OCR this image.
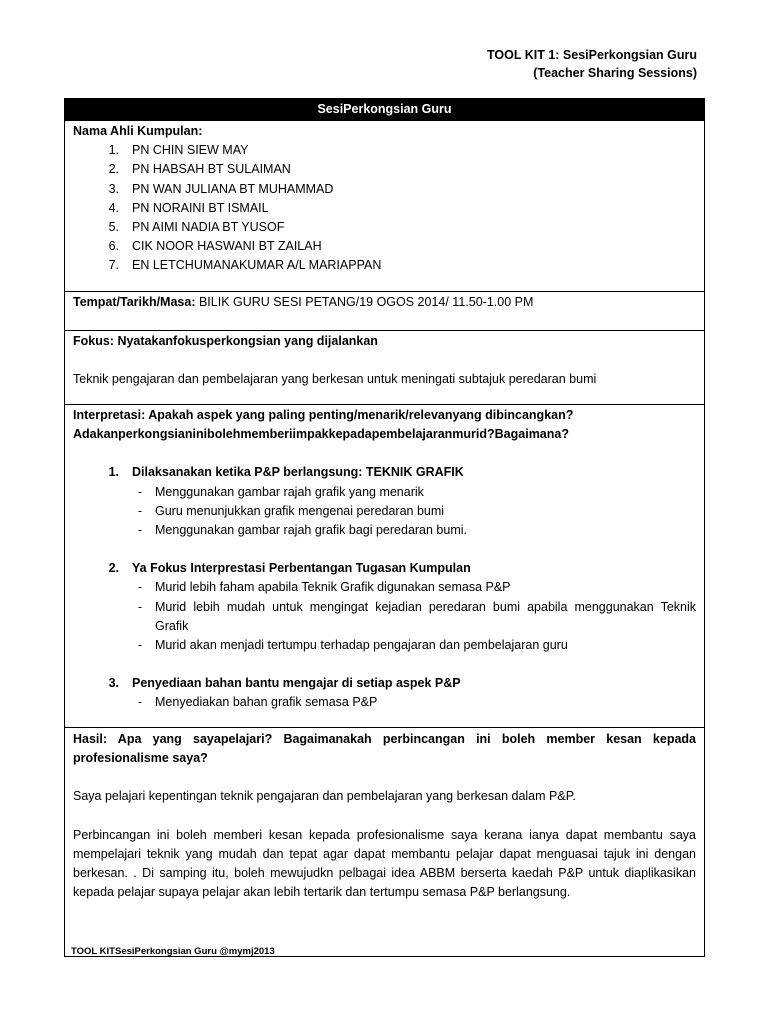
TOOL KIT 1: SesiPerkongsian Guru
(Teacher Sharing Sessions)
SesiPerkongsian Guru
Nama Ahli Kumpulan:
1. PN CHIN SIEW MAY
2. PN HABSAH BT SULAIMAN
3. PN WAN JULIANA BT MUHAMMAD
4. PN NORAINI BT ISMAIL
5. PN AIMI NADIA BT YUSOF
6. CIK NOOR HASWANI BT ZAILAH
7. EN LETCHUMANAKUMAR A/L MARIAPPAN
Tempat/Tarikh/Masa: BILIK GURU SESI PETANG/19 OGOS 2014/ 11.50-1.00 PM
Fokus: Nyatakanfokusperkongsian yang dijalankan
Teknik pengajaran dan pembelajaran yang berkesan untuk meningati subtajuk peredaran bumi
Interpretasi: Apakah aspek yang paling penting/menarik/relevanyang dibincangkan?
Adakanperkongsianinibolehmemberiimpakkepadapembelajaranmurid?Bagaimana?
1. Dilaksanakan ketika P&P berlangsung: TEKNIK GRAFIK
-	Menggunakan gambar rajah grafik yang menarik
-	Guru menunjukkan grafik mengenai peredaran bumi
-	Menggunakan gambar rajah grafik bagi peredaran bumi.
2. Ya Fokus Interprestasi Perbentangan Tugasan Kumpulan
-	Murid lebih faham apabila Teknik Grafik digunakan semasa P&P
-	Murid lebih mudah untuk mengingat kejadian peredaran bumi apabila menggunakan Teknik Grafik
-	Murid akan menjadi tertumpu terhadap pengajaran dan pembelajaran guru
3. Penyediaan bahan bantu mengajar di setiap aspek P&P
-	Menyediakan bahan grafik semasa P&P
Hasil: Apa yang sayapelajari? Bagaimanakah perbincangan ini boleh member kesan kepada profesionalisme saya?
Saya pelajari kepentingan teknik pengajaran dan pembelajaran yang berkesan dalam P&P.
Perbincangan ini boleh memberi kesan kepada profesionalisme saya kerana ianya dapat membantu saya mempelajari teknik yang mudah dan tepat agar dapat membantu pelajar dapat menguasai tajuk ini dengan berkesan. . Di samping itu, boleh mewujudkn pelbagai idea ABBM berserta kaedah P&P untuk diaplikasikan kepada pelajar supaya pelajar akan lebih tertarik dan tertumpu semasa P&P berlangsung.
TOOL KITSesiPerkongsian Guru @mymj2013
